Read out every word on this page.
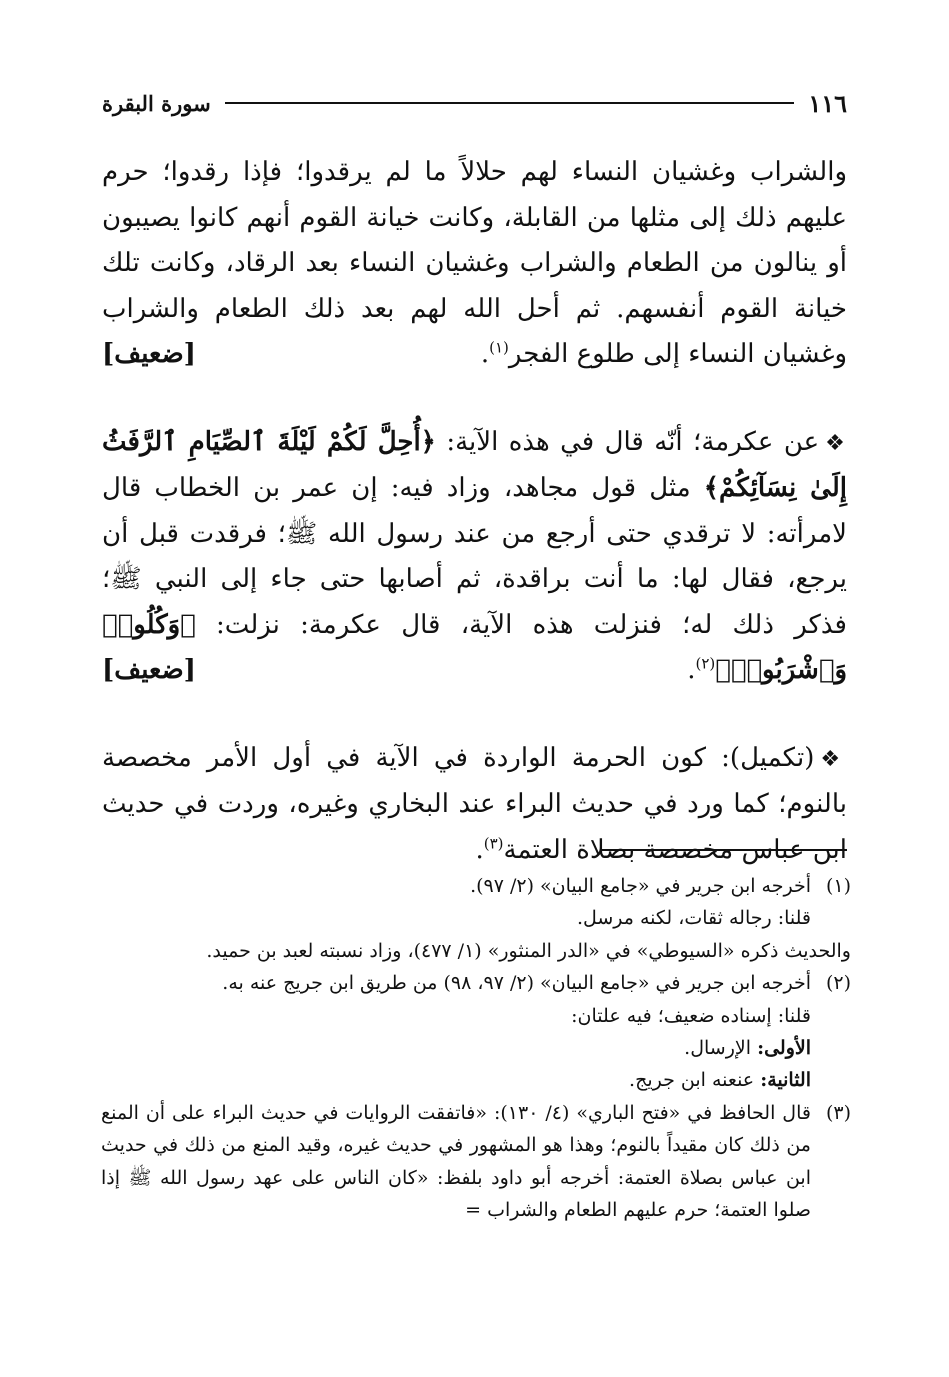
١١٦
سورة البقرة

والشراب وغشيان النساء لهم حلالاً ما لم يرقدوا؛ فإذا رقدوا؛ حرم عليهم ذلك إلى مثلها من القابلة، وكانت خيانة القوم أنهم كانوا يصيبون أو ينالون من الطعام والشراب وغشيان النساء بعد الرقاد، وكانت تلك خيانة القوم أنفسهم. ثم أحل الله لهم بعد ذلك الطعام والشراب وغشيان النساء إلى طلوع الفجر$^{(١)}$.
[ضعيف]

❖عن عكرمة؛ أنّه قال في هذه الآية: ﴿أُحِلَّ لَكُمْ لَيْلَةَ ٱلصِّيَامِ ٱلرَّفَثُ إِلَىٰ نِسَآئِكُمْ﴾ مثل قول مجاهد، وزاد فيه: إن عمر بن الخطاب قال لامرأته: لا ترقدي حتى أرجع من عند رسول الله ﷺ؛ فرقدت قبل أن يرجع، فقال لها: ما أنت براقدة، ثم أصابها حتى جاء إلى النبي ﷺ؛ فذكر ذلك له؛ فنزلت هذه الآية، قال عكرمة: نزلت: ﴿وَكُلُوا۟ وَٱشْرَبُوا۟﴾$^{(٢)}$.
[ضعيف]

❖(تكميل): كون الحرمة الواردة في الآية في أول الأمر مخصصة بالنوم؛ كما ورد في حديث البراء عند البخاري وغيره، وردت في حديث ابن عباس مخصصة بصلاة العتمة$^{(٣)}$.

(١)
أخرجه ابن جرير في «جامع البيان» (٢/ ٩٧).
قلنا: رجاله ثقات، لكنه مرسل.
والحديث ذكره «السيوطي» في «الدر المنثور» (١/ ٤٧٧)، وزاد نسبته لعبد بن حميد.
(٢)
أخرجه ابن جرير في «جامع البيان» (٢/ ٩٧، ٩٨) من طريق ابن جريج عنه به.
قلنا: إسناده ضعيف؛ فيه علتان:
الأولى: الإرسال.
الثانية: عنعنه ابن جريج.
(٣)
قال الحافظ في «فتح الباري» (٤/ ١٣٠): «فاتفقت الروايات في حديث البراء على أن المنع من ذلك كان مقيداً بالنوم؛ وهذا هو المشهور في حديث غيره، وقيد المنع من ذلك في حديث ابن عباس بصلاة العتمة: أخرجه أبو داود بلفظ: «كان الناس على عهد رسول الله ﷺ إذا صلوا العتمة؛ حرم عليهم الطعام والشراب =
